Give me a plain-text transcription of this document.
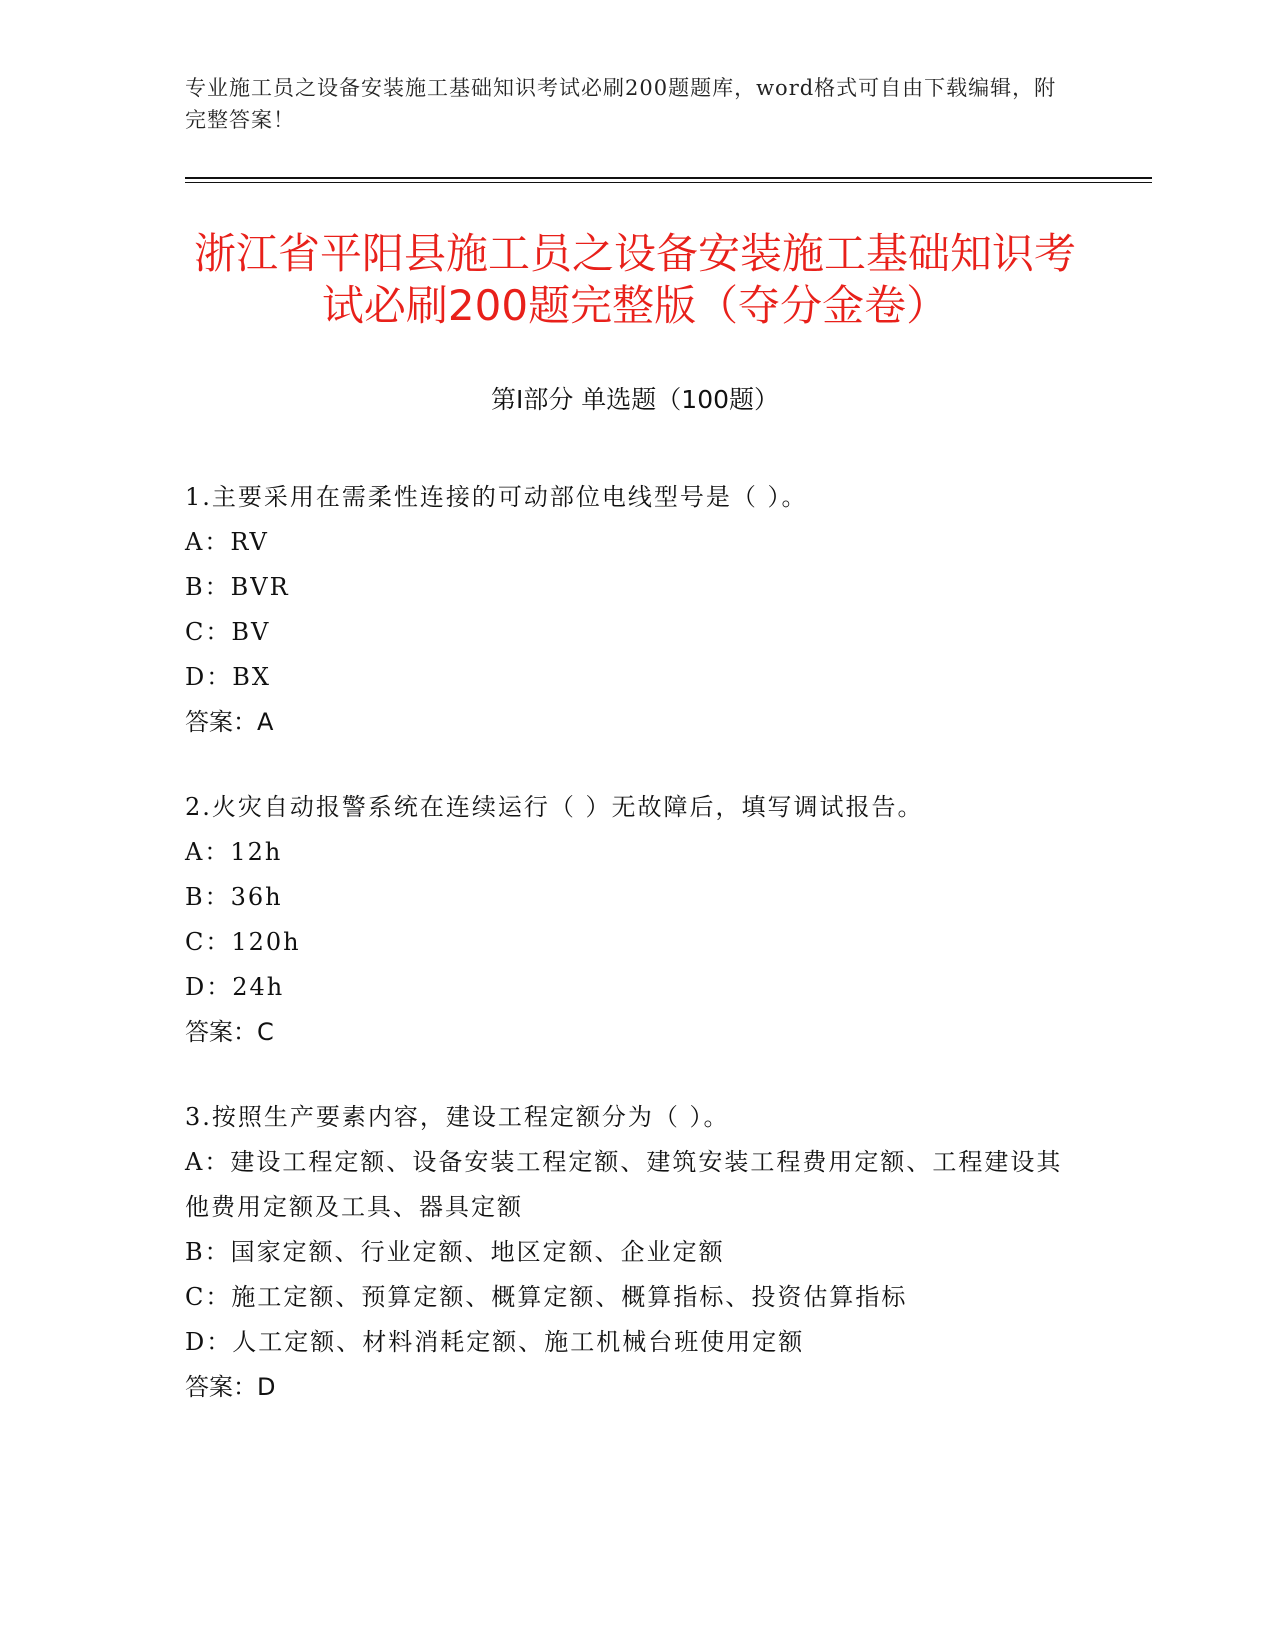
专业施工员之设备安装施工基础知识考试必刷200题题库，word格式可自由下载编辑，附完整答案！
浙江省平阳县施工员之设备安装施工基础知识考试必刷200题完整版（夺分金卷）
第Ⅰ部分 单选题（100题）
1.主要采用在需柔性连接的可动部位电线型号是（ ）。
A：RV
B：BVR
C：BV
D：BX
答案：A
2.火灾自动报警系统在连续运行（ ）无故障后，填写调试报告。
A：12h
B：36h
C：120h
D：24h
答案：C
3.按照生产要素内容，建设工程定额分为（ ）。
A：建设工程定额、设备安装工程定额、建筑安装工程费用定额、工程建设其他费用定额及工具、器具定额
B：国家定额、行业定额、地区定额、企业定额
C：施工定额、预算定额、概算定额、概算指标、投资估算指标
D：人工定额、材料消耗定额、施工机械台班使用定额
答案：D
